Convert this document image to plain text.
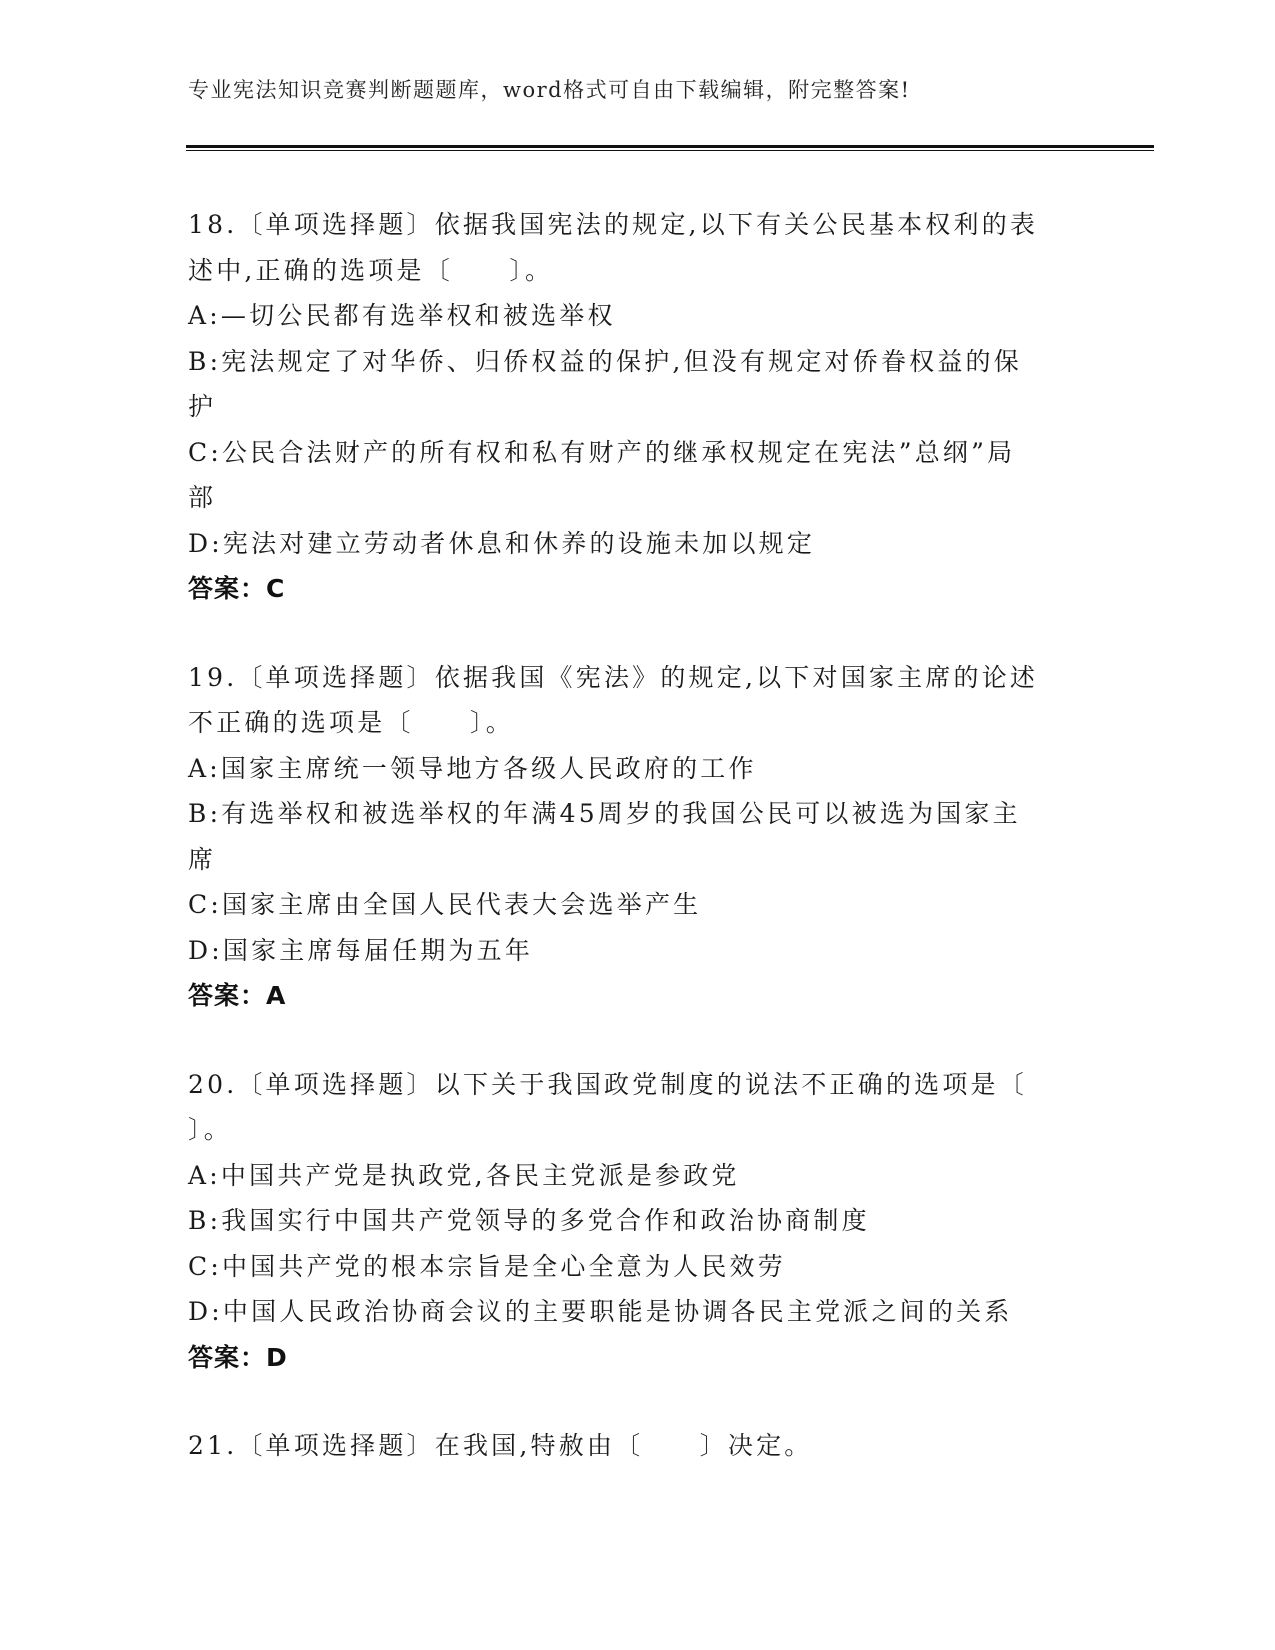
专业宪法知识竞赛判断题题库，word格式可自由下载编辑，附完整答案!
18.〔单项选择题〕依据我国宪法的规定,以下有关公民基本权利的表
述中,正确的选项是〔　　〕。
A:—切公民都有选举权和被选举权
B:宪法规定了对华侨、归侨权益的保护,但没有规定对侨眷权益的保
护
C:公民合法财产的所有权和私有财产的继承权规定在宪法”总纲”局
部
D:宪法对建立劳动者休息和休养的设施未加以规定
答案：C
19.〔单项选择题〕依据我国《宪法》的规定,以下对国家主席的论述
不正确的选项是〔　　〕。
A:国家主席统一领导地方各级人民政府的工作
B:有选举权和被选举权的年满45周岁的我国公民可以被选为国家主
席
C:国家主席由全国人民代表大会选举产生
D:国家主席每届任期为五年
答案：A
20.〔单项选择题〕以下关于我国政党制度的说法不正确的选项是〔
〕。
A:中国共产党是执政党,各民主党派是参政党
B:我国实行中国共产党领导的多党合作和政治协商制度
C:中国共产党的根本宗旨是全心全意为人民效劳
D:中国人民政治协商会议的主要职能是协调各民主党派之间的关系
答案：D
21.〔单项选择题〕在我国,特赦由〔　　〕决定。
